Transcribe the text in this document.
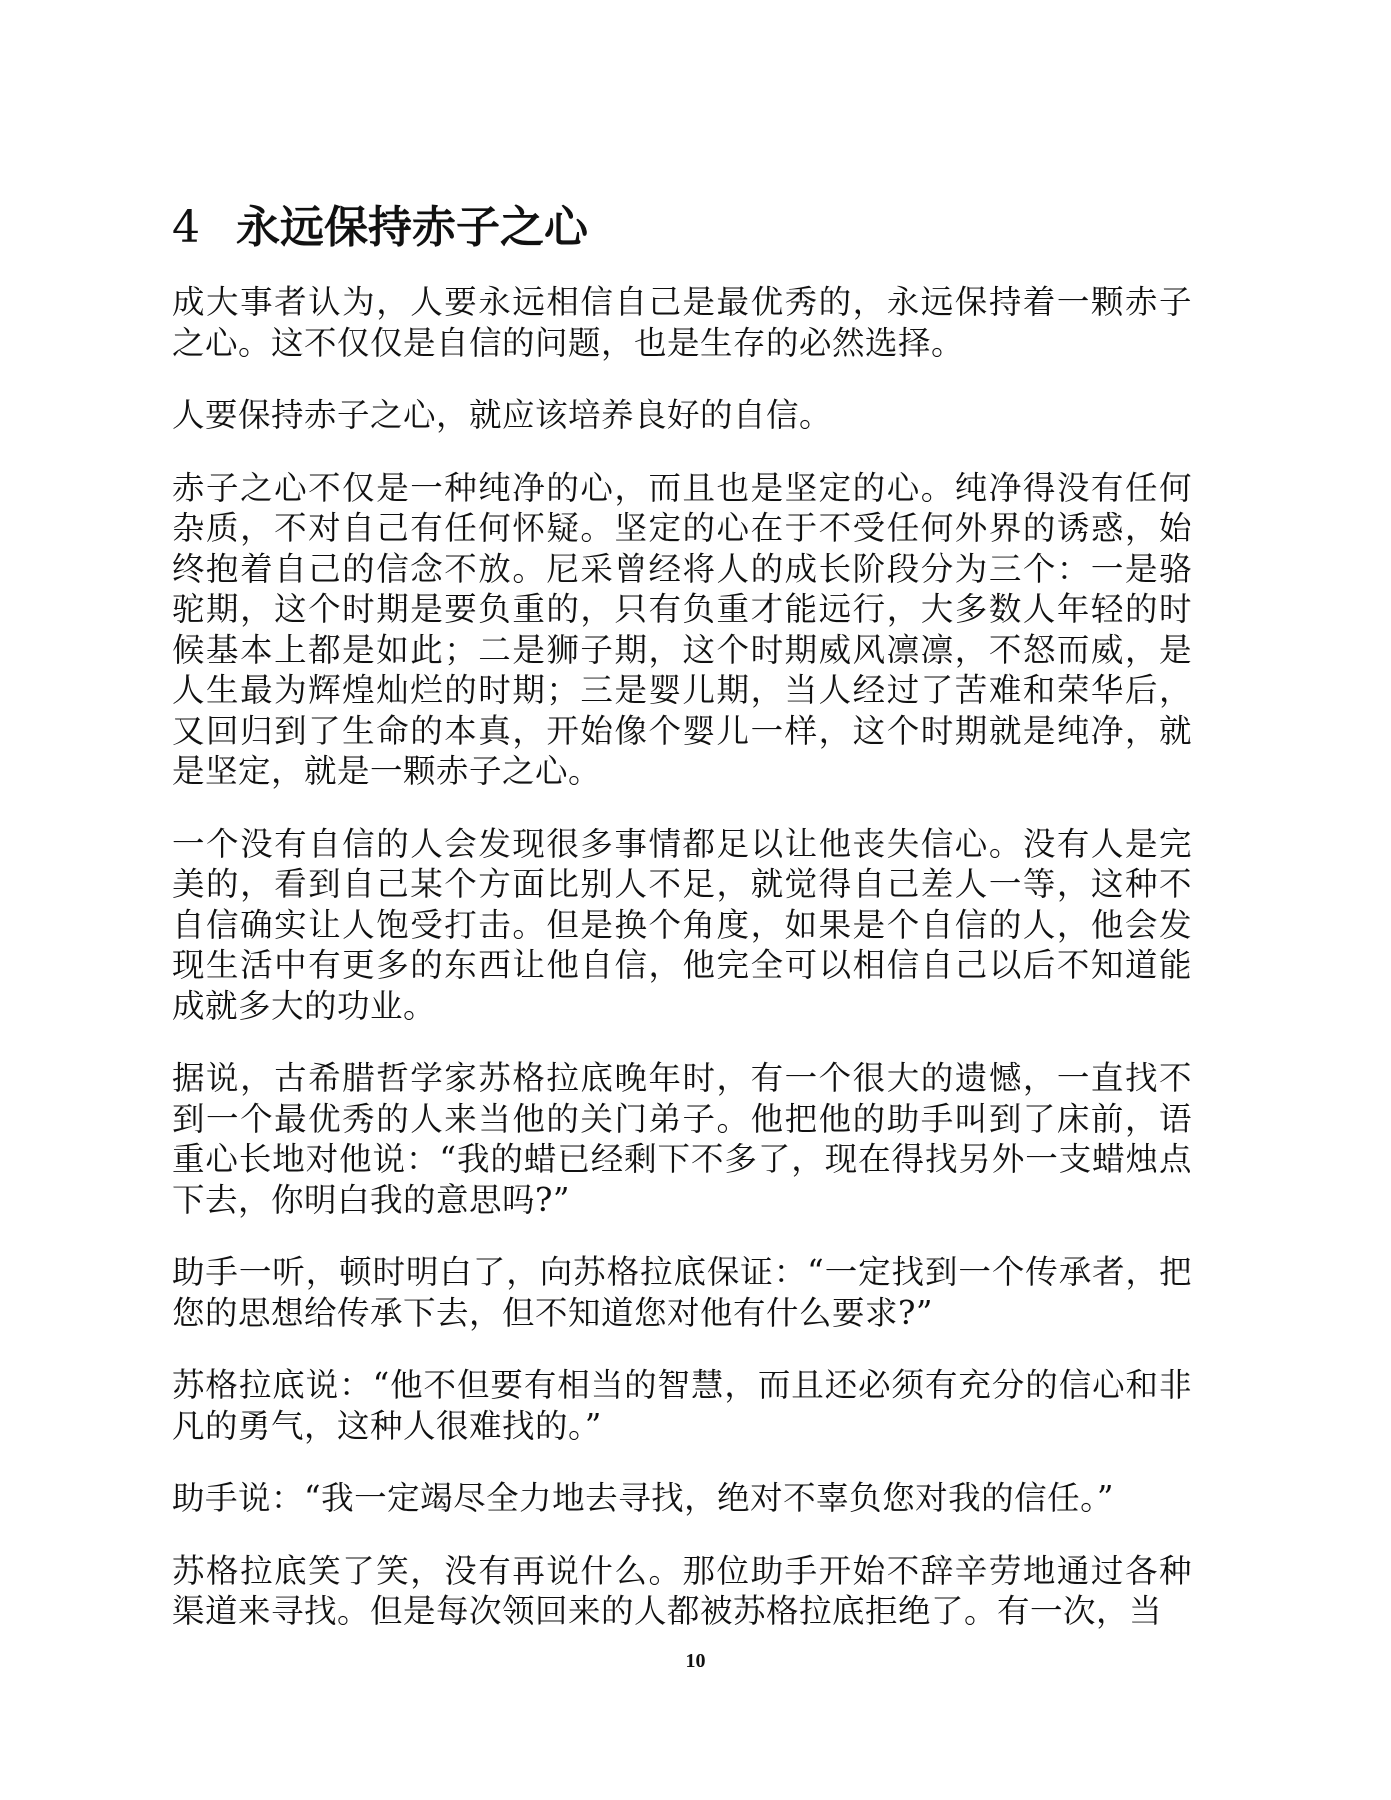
4 永远保持赤子之心

成大事者认为，人要永远相信自己是最优秀的，永远保持着一颗赤子之心。这不仅仅是自信的问题，也是生存的必然选择。

人要保持赤子之心，就应该培养良好的自信。

赤子之心不仅是一种纯净的心，而且也是坚定的心。纯净得没有任何杂质，不对自己有任何怀疑。坚定的心在于不受任何外界的诱惑，始终抱着自己的信念不放。尼采曾经将人的成长阶段分为三个：一是骆驼期，这个时期是要负重的，只有负重才能远行，大多数人年轻的时候基本上都是如此；二是狮子期，这个时期威风凛凛，不怒而威，是人生最为辉煌灿烂的时期；三是婴儿期，当人经过了苦难和荣华后，又回归到了生命的本真，开始像个婴儿一样，这个时期就是纯净，就是坚定，就是一颗赤子之心。

一个没有自信的人会发现很多事情都足以让他丧失信心。没有人是完美的，看到自己某个方面比别人不足，就觉得自己差人一等，这种不自信确实让人饱受打击。但是换个角度，如果是个自信的人，他会发现生活中有更多的东西让他自信，他完全可以相信自己以后不知道能成就多大的功业。

据说，古希腊哲学家苏格拉底晚年时，有一个很大的遗憾，一直找不到一个最优秀的人来当他的关门弟子。他把他的助手叫到了床前，语重心长地对他说：“我的蜡已经剩下不多了，现在得找另外一支蜡烛点下去，你明白我的意思吗?”

助手一听，顿时明白了，向苏格拉底保证：“一定找到一个传承者，把您的思想给传承下去，但不知道您对他有什么要求?”

苏格拉底说：“他不但要有相当的智慧，而且还必须有充分的信心和非凡的勇气，这种人很难找的。”

助手说：“我一定竭尽全力地去寻找，绝对不辜负您对我的信任。”

苏格拉底笑了笑，没有再说什么。那位助手开始不辞辛劳地通过各种渠道来寻找。但是每次领回来的人都被苏格拉底拒绝了。有一次，当

10
